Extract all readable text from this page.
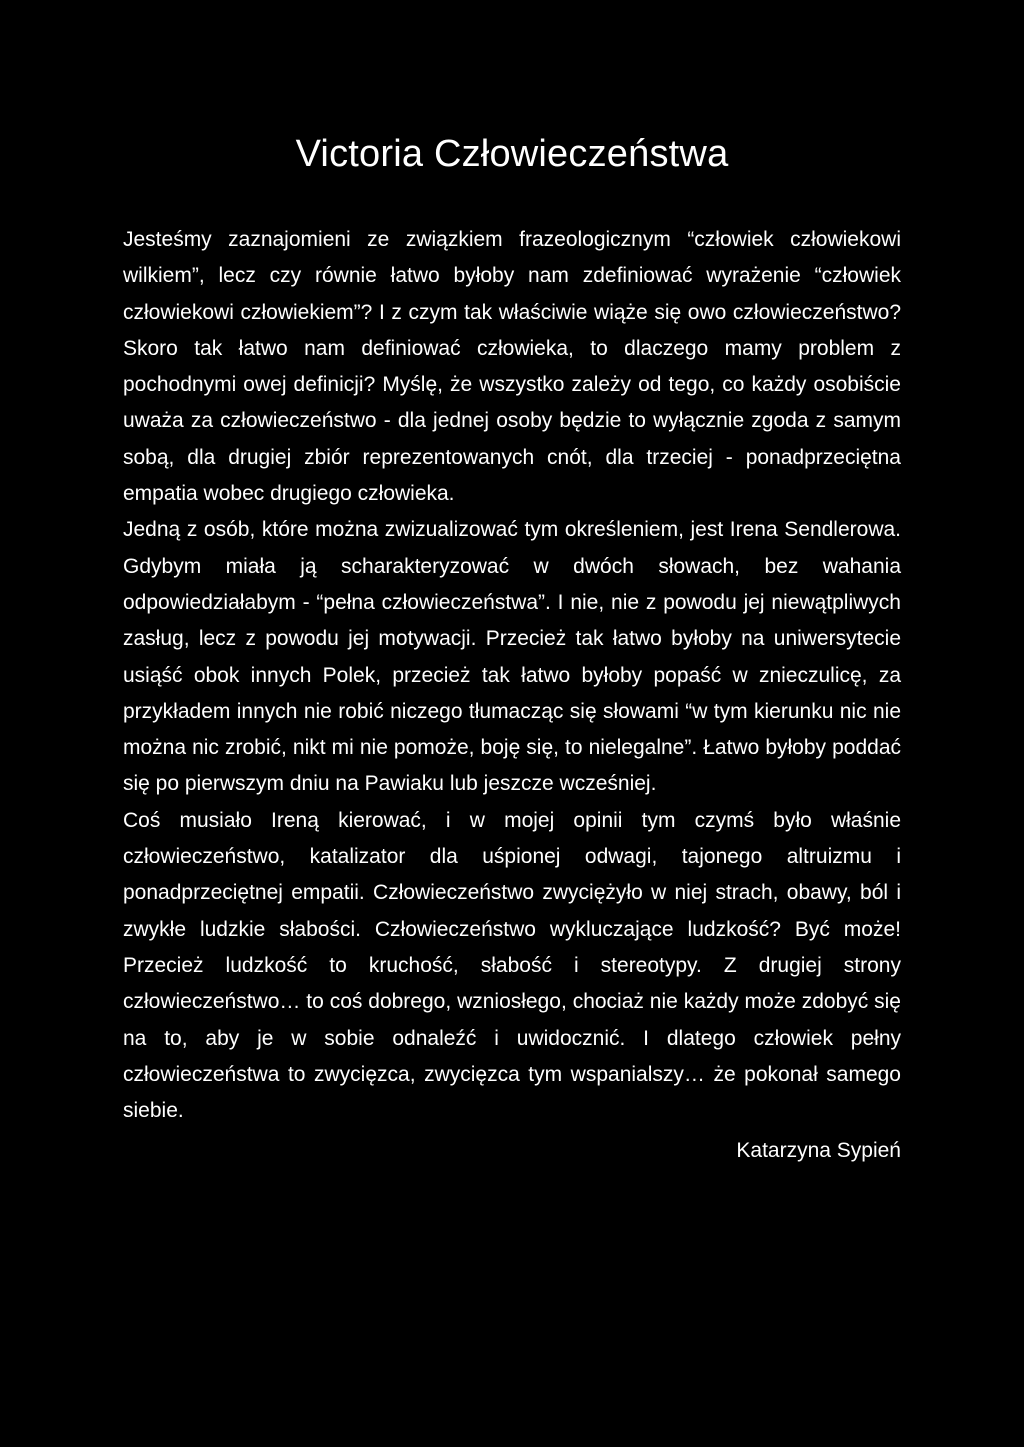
Victoria Człowieczeństwa

Jesteśmy zaznajomieni ze związkiem frazeologicznym “człowiek człowiekowi wilkiem”, lecz czy równie łatwo byłoby nam zdefiniować wyrażenie “człowiek człowiekowi człowiekiem”? I z czym tak właściwie wiąże się owo człowieczeństwo? Skoro tak łatwo nam definiować człowieka, to dlaczego mamy problem z pochodnymi owej definicji? Myślę, że wszystko zależy od tego, co każdy osobiście uważa za człowieczeństwo - dla jednej osoby będzie to wyłącznie zgoda z samym sobą, dla drugiej zbiór reprezentowanych cnót, dla trzeciej - ponadprzeciętna empatia wobec drugiego człowieka.

Jedną z osób, które można zwizualizować tym określeniem, jest Irena Sendlerowa. Gdybym miała ją scharakteryzować w dwóch słowach, bez wahania odpowiedziałabym - “pełna człowieczeństwa”. I nie, nie z powodu jej niewątpliwych zasług, lecz z powodu jej motywacji. Przecież tak łatwo byłoby na uniwersytecie usiąść obok innych Polek, przecież tak łatwo byłoby popaść w znieczulicę, za przykładem innych nie robić niczego tłumacząc się słowami “w tym kierunku nic nie można nic zrobić, nikt mi nie pomoże, boję się, to nielegalne”. Łatwo byłoby poddać się po pierwszym dniu na Pawiaku lub jeszcze wcześniej.

Coś musiało Ireną kierować, i w mojej opinii tym czymś było właśnie człowieczeństwo, katalizator dla uśpionej odwagi, tajonego altruizmu i ponadprzeciętnej empatii. Człowieczeństwo zwyciężyło w niej strach, obawy, ból i zwykłe ludzkie słabości. Człowieczeństwo wykluczające ludzkość? Być może! Przecież ludzkość to kruchość, słabość i stereotypy. Z drugiej strony człowieczeństwo… to coś dobrego, wzniosłego, chociaż nie każdy może zdobyć się na to, aby je w sobie odnaleźć i uwidocznić. I dlatego człowiek pełny człowieczeństwa to zwycięzca, zwycięzca tym wspanialszy… że pokonał samego siebie.

Katarzyna Sypień
